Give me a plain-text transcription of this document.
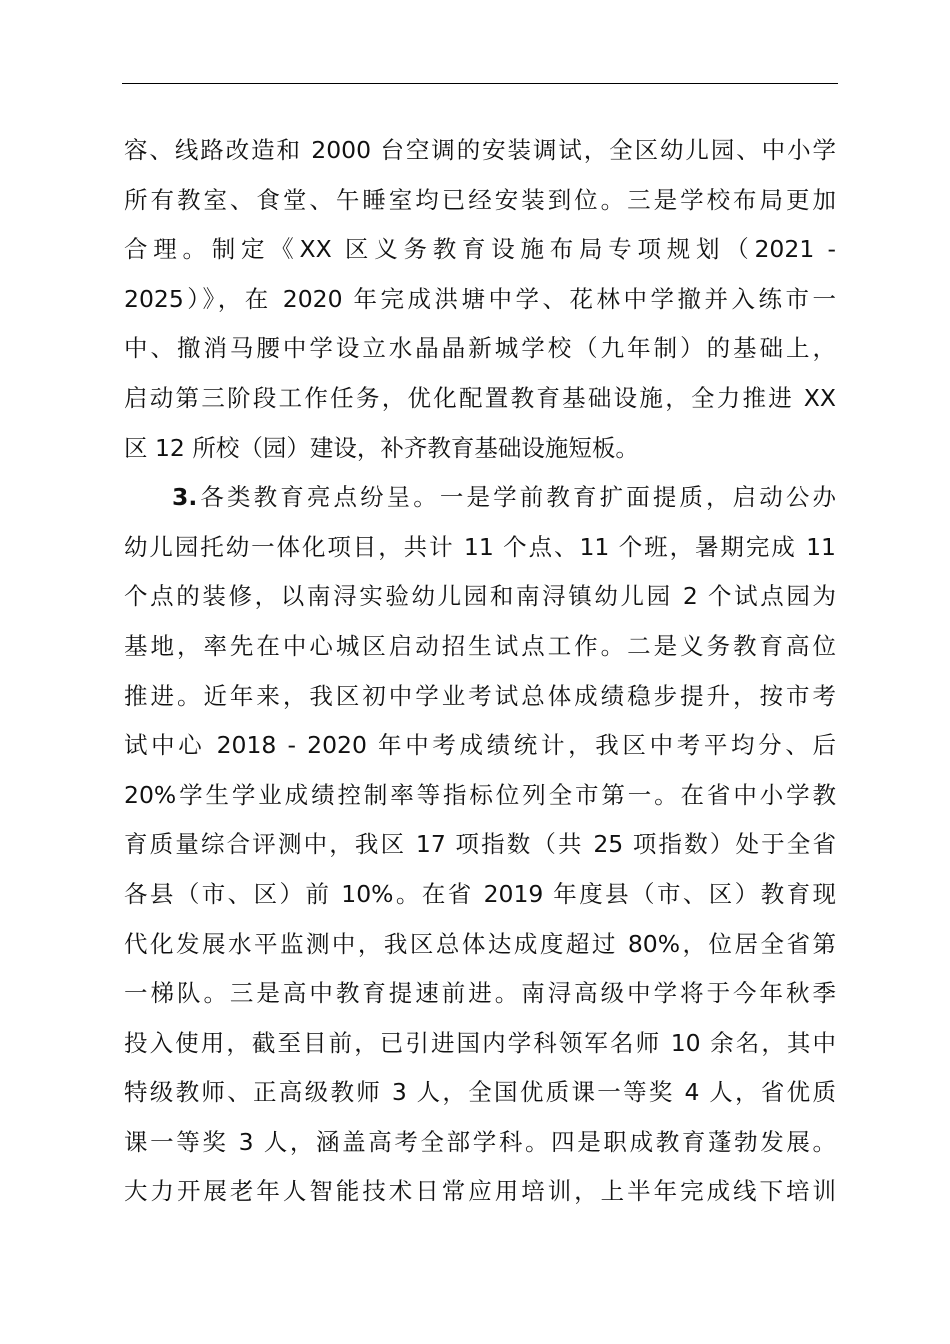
容、线路改造和 2000 台空调的安装调试，全区幼儿园、中小学
所有教室、食堂、午睡室均已经安装到位。三是学校布局更加
合理。制定《XX 区义务教育设施布局专项规划（2021 -
2025）》，在 2020 年完成洪塘中学、花林中学撤并入练市一
中、撤消马腰中学设立水晶晶新城学校（九年制）的基础上，
启动第三阶段工作任务，优化配置教育基础设施，全力推进 XX
区 12 所校（园）建设，补齐教育基础设施短板。
3.各类教育亮点纷呈。一是学前教育扩面提质，启动公办
幼儿园托幼一体化项目，共计 11 个点、11 个班，暑期完成 11
个点的装修，以南浔实验幼儿园和南浔镇幼儿园 2 个试点园为
基地，率先在中心城区启动招生试点工作。二是义务教育高位
推进。近年来，我区初中学业考试总体成绩稳步提升，按市考
试中心 2018 - 2020 年中考成绩统计，我区中考平均分、后
20%学生学业成绩控制率等指标位列全市第一。在省中小学教
育质量综合评测中，我区 17 项指数（共 25 项指数）处于全省
各县（市、区）前 10%。在省 2019 年度县（市、区）教育现
代化发展水平监测中，我区总体达成度超过 80%，位居全省第
一梯队。三是高中教育提速前进。南浔高级中学将于今年秋季
投入使用，截至目前，已引进国内学科领军名师 10 余名，其中
特级教师、正高级教师 3 人，全国优质课一等奖 4 人，省优质
课一等奖 3 人，涵盖高考全部学科。四是职成教育蓬勃发展。
大力开展老年人智能技术日常应用培训，上半年完成线下培训
